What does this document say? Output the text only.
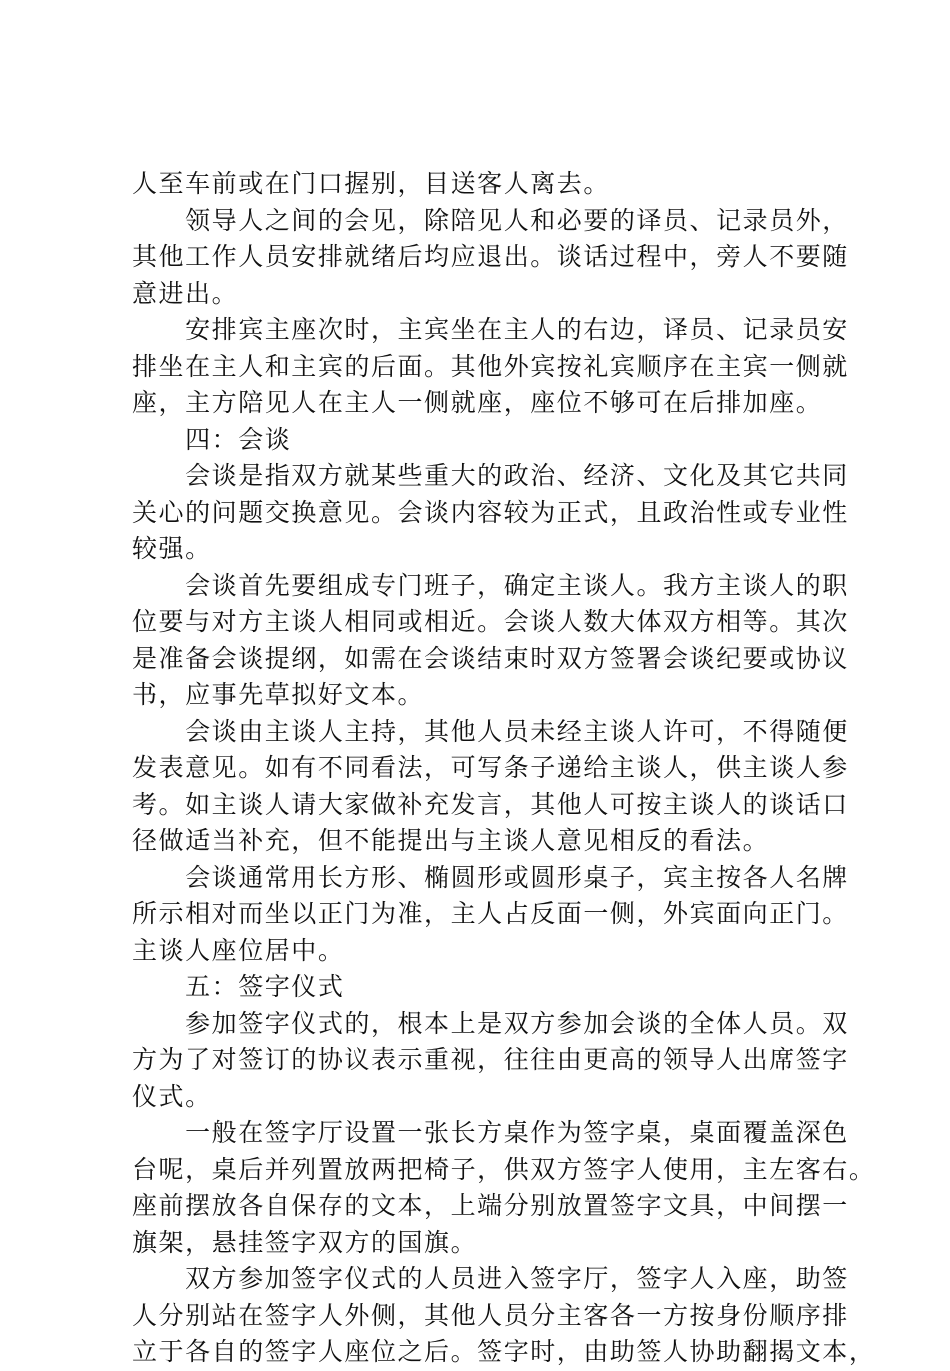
人至车前或在门口握别，目送客人离去。
　　领导人之间的会见，除陪见人和必要的译员、记录员外，
其他工作人员安排就绪后均应退出。谈话过程中，旁人不要随
意进出。
　　安排宾主座次时，主宾坐在主人的右边，译员、记录员安
排坐在主人和主宾的后面。其他外宾按礼宾顺序在主宾一侧就
座，主方陪见人在主人一侧就座，座位不够可在后排加座。
　　四：会谈
　　会谈是指双方就某些重大的政治、经济、文化及其它共同
关心的问题交换意见。会谈内容较为正式，且政治性或专业性
较强。
　　会谈首先要组成专门班子，确定主谈人。我方主谈人的职
位要与对方主谈人相同或相近。会谈人数大体双方相等。其次
是准备会谈提纲，如需在会谈结束时双方签署会谈纪要或协议
书，应事先草拟好文本。
　　会谈由主谈人主持，其他人员未经主谈人许可，不得随便
发表意见。如有不同看法，可写条子递给主谈人，供主谈人参
考。如主谈人请大家做补充发言，其他人可按主谈人的谈话口
径做适当补充，但不能提出与主谈人意见相反的看法。
　　会谈通常用长方形、椭圆形或圆形桌子，宾主按各人名牌
所示相对而坐以正门为准，主人占反面一侧，外宾面向正门。
主谈人座位居中。
　　五：签字仪式
　　参加签字仪式的，根本上是双方参加会谈的全体人员。双
方为了对签订的协议表示重视，往往由更高的领导人出席签字
仪式。
　　一般在签字厅设置一张长方桌作为签字桌，桌面覆盖深色
台呢，桌后并列置放两把椅子，供双方签字人使用，主左客右。
座前摆放各自保存的文本，上端分别放置签字文具，中间摆一
旗架，悬挂签字双方的国旗。
　　双方参加签字仪式的人员进入签字厅，签字人入座，助签
人分别站在签字人外侧，其他人员分主客各一方按身份顺序排
立于各自的签字人座位之后。签字时，由助签人协助翻揭文本，
